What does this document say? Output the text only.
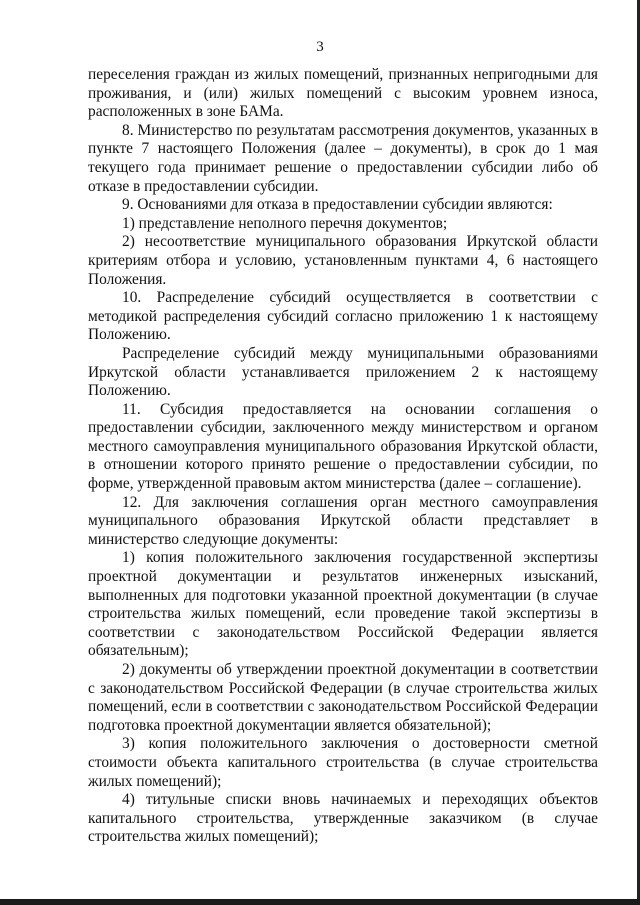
3

переселения граждан из жилых помещений, признанных непригодными для проживания, и (или) жилых помещений с высоким уровнем износа, расположенных в зоне БАМа.

8. Министерство по результатам рассмотрения документов, указанных в пункте 7 настоящего Положения (далее – документы), в срок до 1 мая текущего года принимает решение о предоставлении субсидии либо об отказе в предоставлении субсидии.

9. Основаниями для отказа в предоставлении субсидии являются:

1) представление неполного перечня документов;

2) несоответствие муниципального образования Иркутской области критериям отбора и условию, установленным пунктами 4, 6 настоящего Положения.

10. Распределение субсидий осуществляется в соответствии с методикой распределения субсидий согласно приложению 1 к настоящему Положению.

Распределение субсидий между муниципальными образованиями Иркутской области устанавливается приложением 2 к настоящему Положению.

11. Субсидия предоставляется на основании соглашения о предоставлении субсидии, заключенного между министерством и органом местного самоуправления муниципального образования Иркутской области, в отношении которого принято решение о предоставлении субсидии, по форме, утвержденной правовым актом министерства (далее – соглашение).

12. Для заключения соглашения орган местного самоуправления муниципального образования Иркутской области представляет в министерство следующие документы:

1) копия положительного заключения государственной экспертизы проектной документации и результатов инженерных изысканий, выполненных для подготовки указанной проектной документации (в случае строительства жилых помещений, если проведение такой экспертизы в соответствии с законодательством Российской Федерации является обязательным);

2) документы об утверждении проектной документации в соответствии с законодательством Российской Федерации (в случае строительства жилых помещений, если в соответствии с законодательством Российской Федерации подготовка проектной документации является обязательной);

3) копия положительного заключения о достоверности сметной стоимости объекта капитального строительства (в случае строительства жилых помещений);

4) титульные списки вновь начинаемых и переходящих объектов капитального строительства, утвержденные заказчиком (в случае строительства жилых помещений);
